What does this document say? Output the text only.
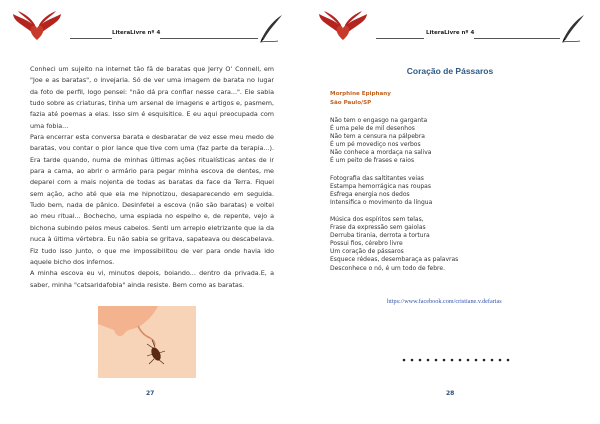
LiteraLivre nº 4

Conheci um sujeito na internet tão fã de baratas que Jerry O’ Connell, em "Joe e as baratas", o invejaria. Só de ver uma imagem de barata no lugar da foto de perfil, logo pensei: "não dá pra confiar nesse cara...". Ele sabia tudo sobre as criaturas, tinha um arsenal de imagens e artigos e, pasmem, fazia até poemas a elas. Isso sim é esquisitice. E eu aqui preocupada com uma fobia...

Para encerrar esta conversa barata e desbaratar de vez esse meu medo de baratas, vou contar o pior lance que tive com uma (faz parte da terapia...). Era tarde quando, numa de minhas últimas ações ritualísticas antes de ir para a cama, ao abrir o armário para pegar minha escova de dentes, me deparei com a mais nojenta de todas as baratas da face da Terra. Fiquei sem ação, acho até que ela me hipnotizou, desaparecendo em seguida. Tudo bem, nada de pânico. Desinfetei a escova (não são baratas) e voltei ao meu ritual... Bochecho, uma espiada no espelho e, de repente, vejo a bichona subindo pelos meus cabelos. Senti um arrepio eletrizante que ia da nuca à última vértebra. Eu não sabia se gritava, sapateava ou descabelava. Fiz tudo isso junto, o que me impossibilitou de ver para onde havia ido aquele bicho dos infernos.

A minha escova eu vi, minutos depois, boiando... dentro da privada.E, a saber, minha "catsaridafobia" ainda resiste. Bem como as baratas.

27
LiteraLivre nº 4
Coração de Pássaros
Morphine Epiphany
São Paulo/SP
Não tem o engasgo na garganta
É uma pele de mil desenhos
Não tem a censura na pálpebra
É um pé movediço nos verbos
Não conhece a mordaça na saliva
É um peito de frases e raios
Fotografia das saltitantes veias
Estampa hemorrágica nas roupas
Esfrega energia nos dedos
Intensifica o movimento da língua
Música dos espíritos sem telas,
Frase da expressão sem gaiolas
Derruba tirania, derrota a tortura
Possui fios, cérebro livre
Um coração de pássaros
Esquece rédeas, desembaraça as palavras
Desconhece o nó, é um todo de febre.
https://www.facebook.com/cristiane.v.defarias
28
